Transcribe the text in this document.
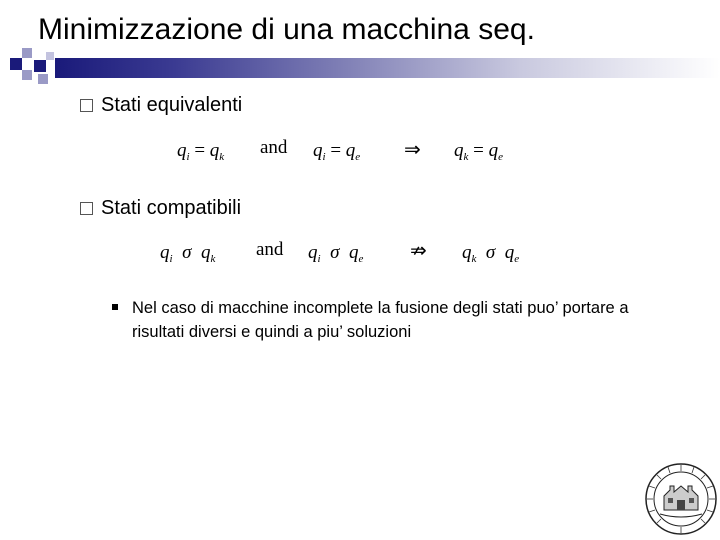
Minimizzazione di una macchina seq.
Stati equivalenti
$q_i = q_k$ and $q_i = q_e$ ⇒ $q_k = q_e$
Stati compatibili
$q_i$ σ $q_k$ and $q_i$ σ $q_e$ ⇏ $q_k$ σ $q_e$
Nel caso di macchine incomplete la fusione degli stati puo’ portare a risultati diversi e quindi a piu’ soluzioni
